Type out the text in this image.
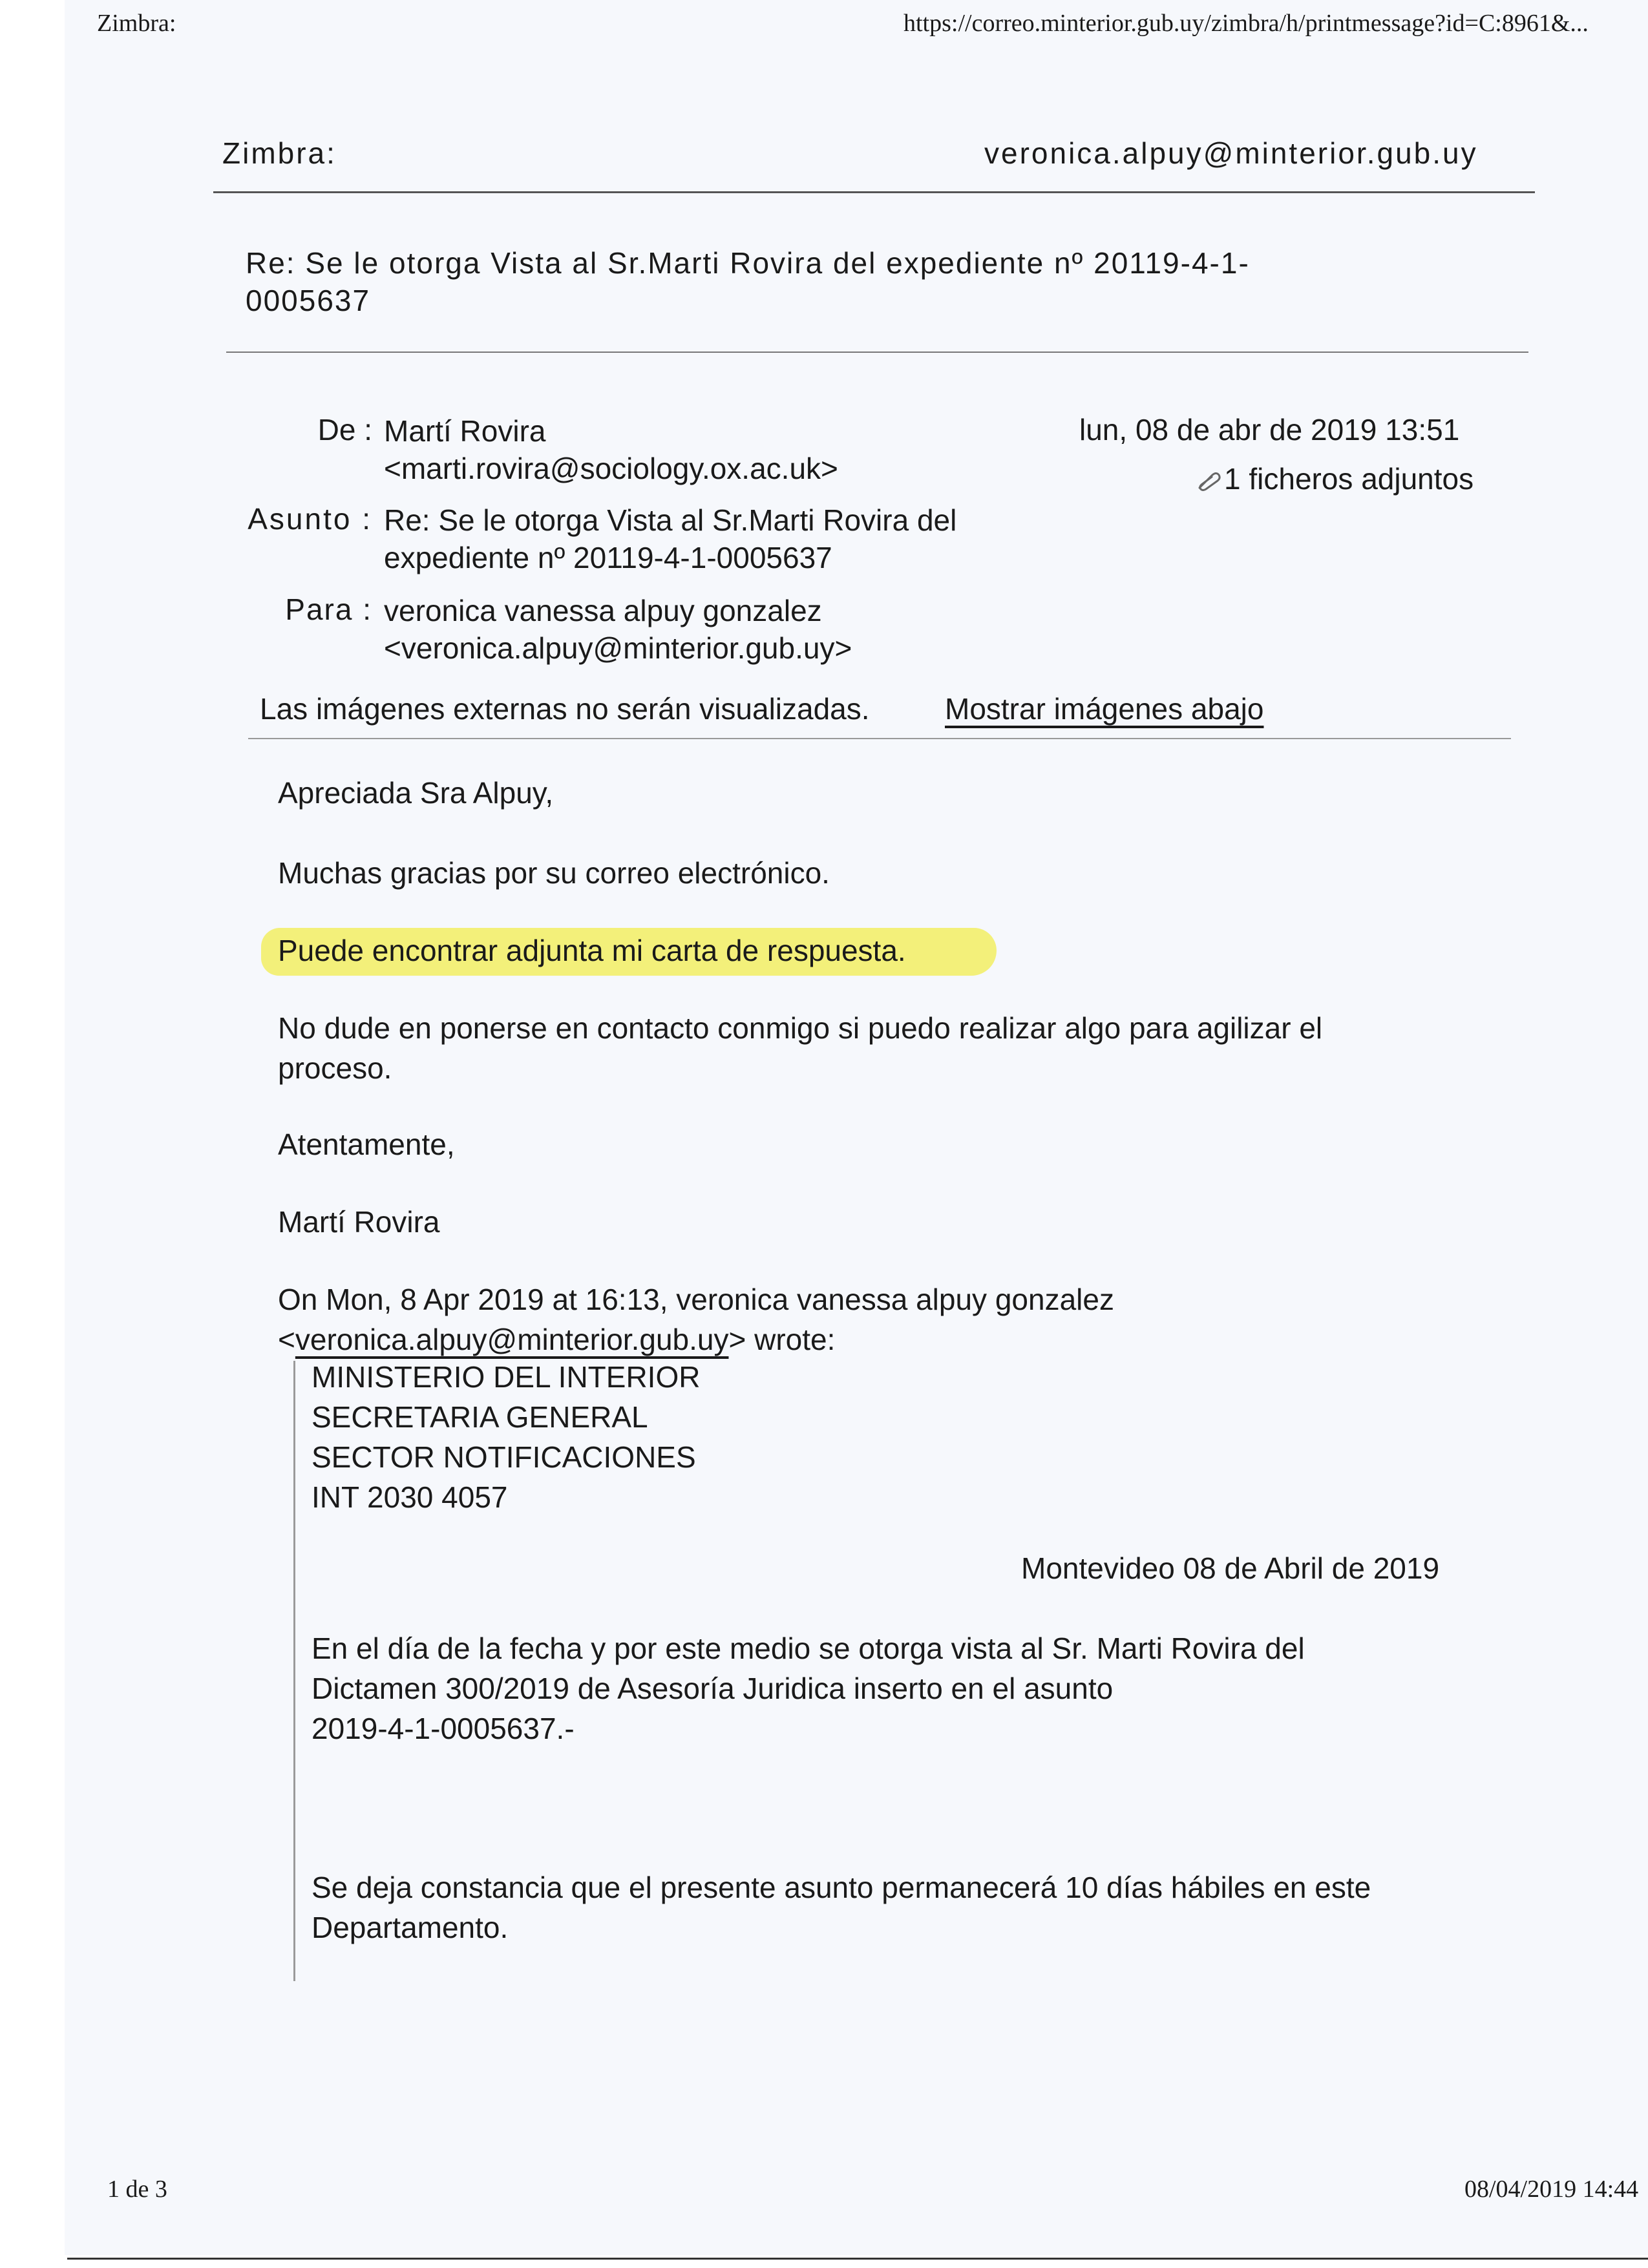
Zimbra:	https://correo.minterior.gub.uy/zimbra/h/printmessage?id=C:8961&...
Zimbra:	veronica.alpuy@minterior.gub.uy
Re: Se le otorga Vista al Sr.Marti Rovira del expediente nº 20119-4-1-0005637
De : Martí Rovira
<marti.rovira@sociology.ox.ac.uk>
Asunto : Re: Se le otorga Vista al Sr.Marti Rovira del
expediente nº 20119-4-1-0005637
Para : veronica vanessa alpuy gonzalez
<veronica.alpuy@minterior.gub.uy>
lun, 08 de abr de 2019 13:51
1 ficheros adjuntos
Las imágenes externas no serán visualizadas.	Mostrar imágenes abajo
Apreciada Sra Alpuy,
Muchas gracias por su correo electrónico.
Puede encontrar adjunta mi carta de respuesta.
No dude en ponerse en contacto conmigo si puedo realizar algo para agilizar el
proceso.
Atentamente,
Martí Rovira
On Mon, 8 Apr 2019 at 16:13, veronica vanessa alpuy gonzalez
<veronica.alpuy@minterior.gub.uy> wrote:
MINISTERIO DEL INTERIOR
SECRETARIA GENERAL
SECTOR NOTIFICACIONES
INT 2030 4057
Montevideo 08 de Abril de 2019
En el día de la fecha y por este medio se otorga vista al Sr. Marti Rovira del
Dictamen 300/2019 de Asesoría Juridica inserto en el asunto
2019-4-1-0005637.-
Se deja constancia que el presente asunto permanecerá 10 días hábiles en este
Departamento.
1 de 3	08/04/2019 14:44
